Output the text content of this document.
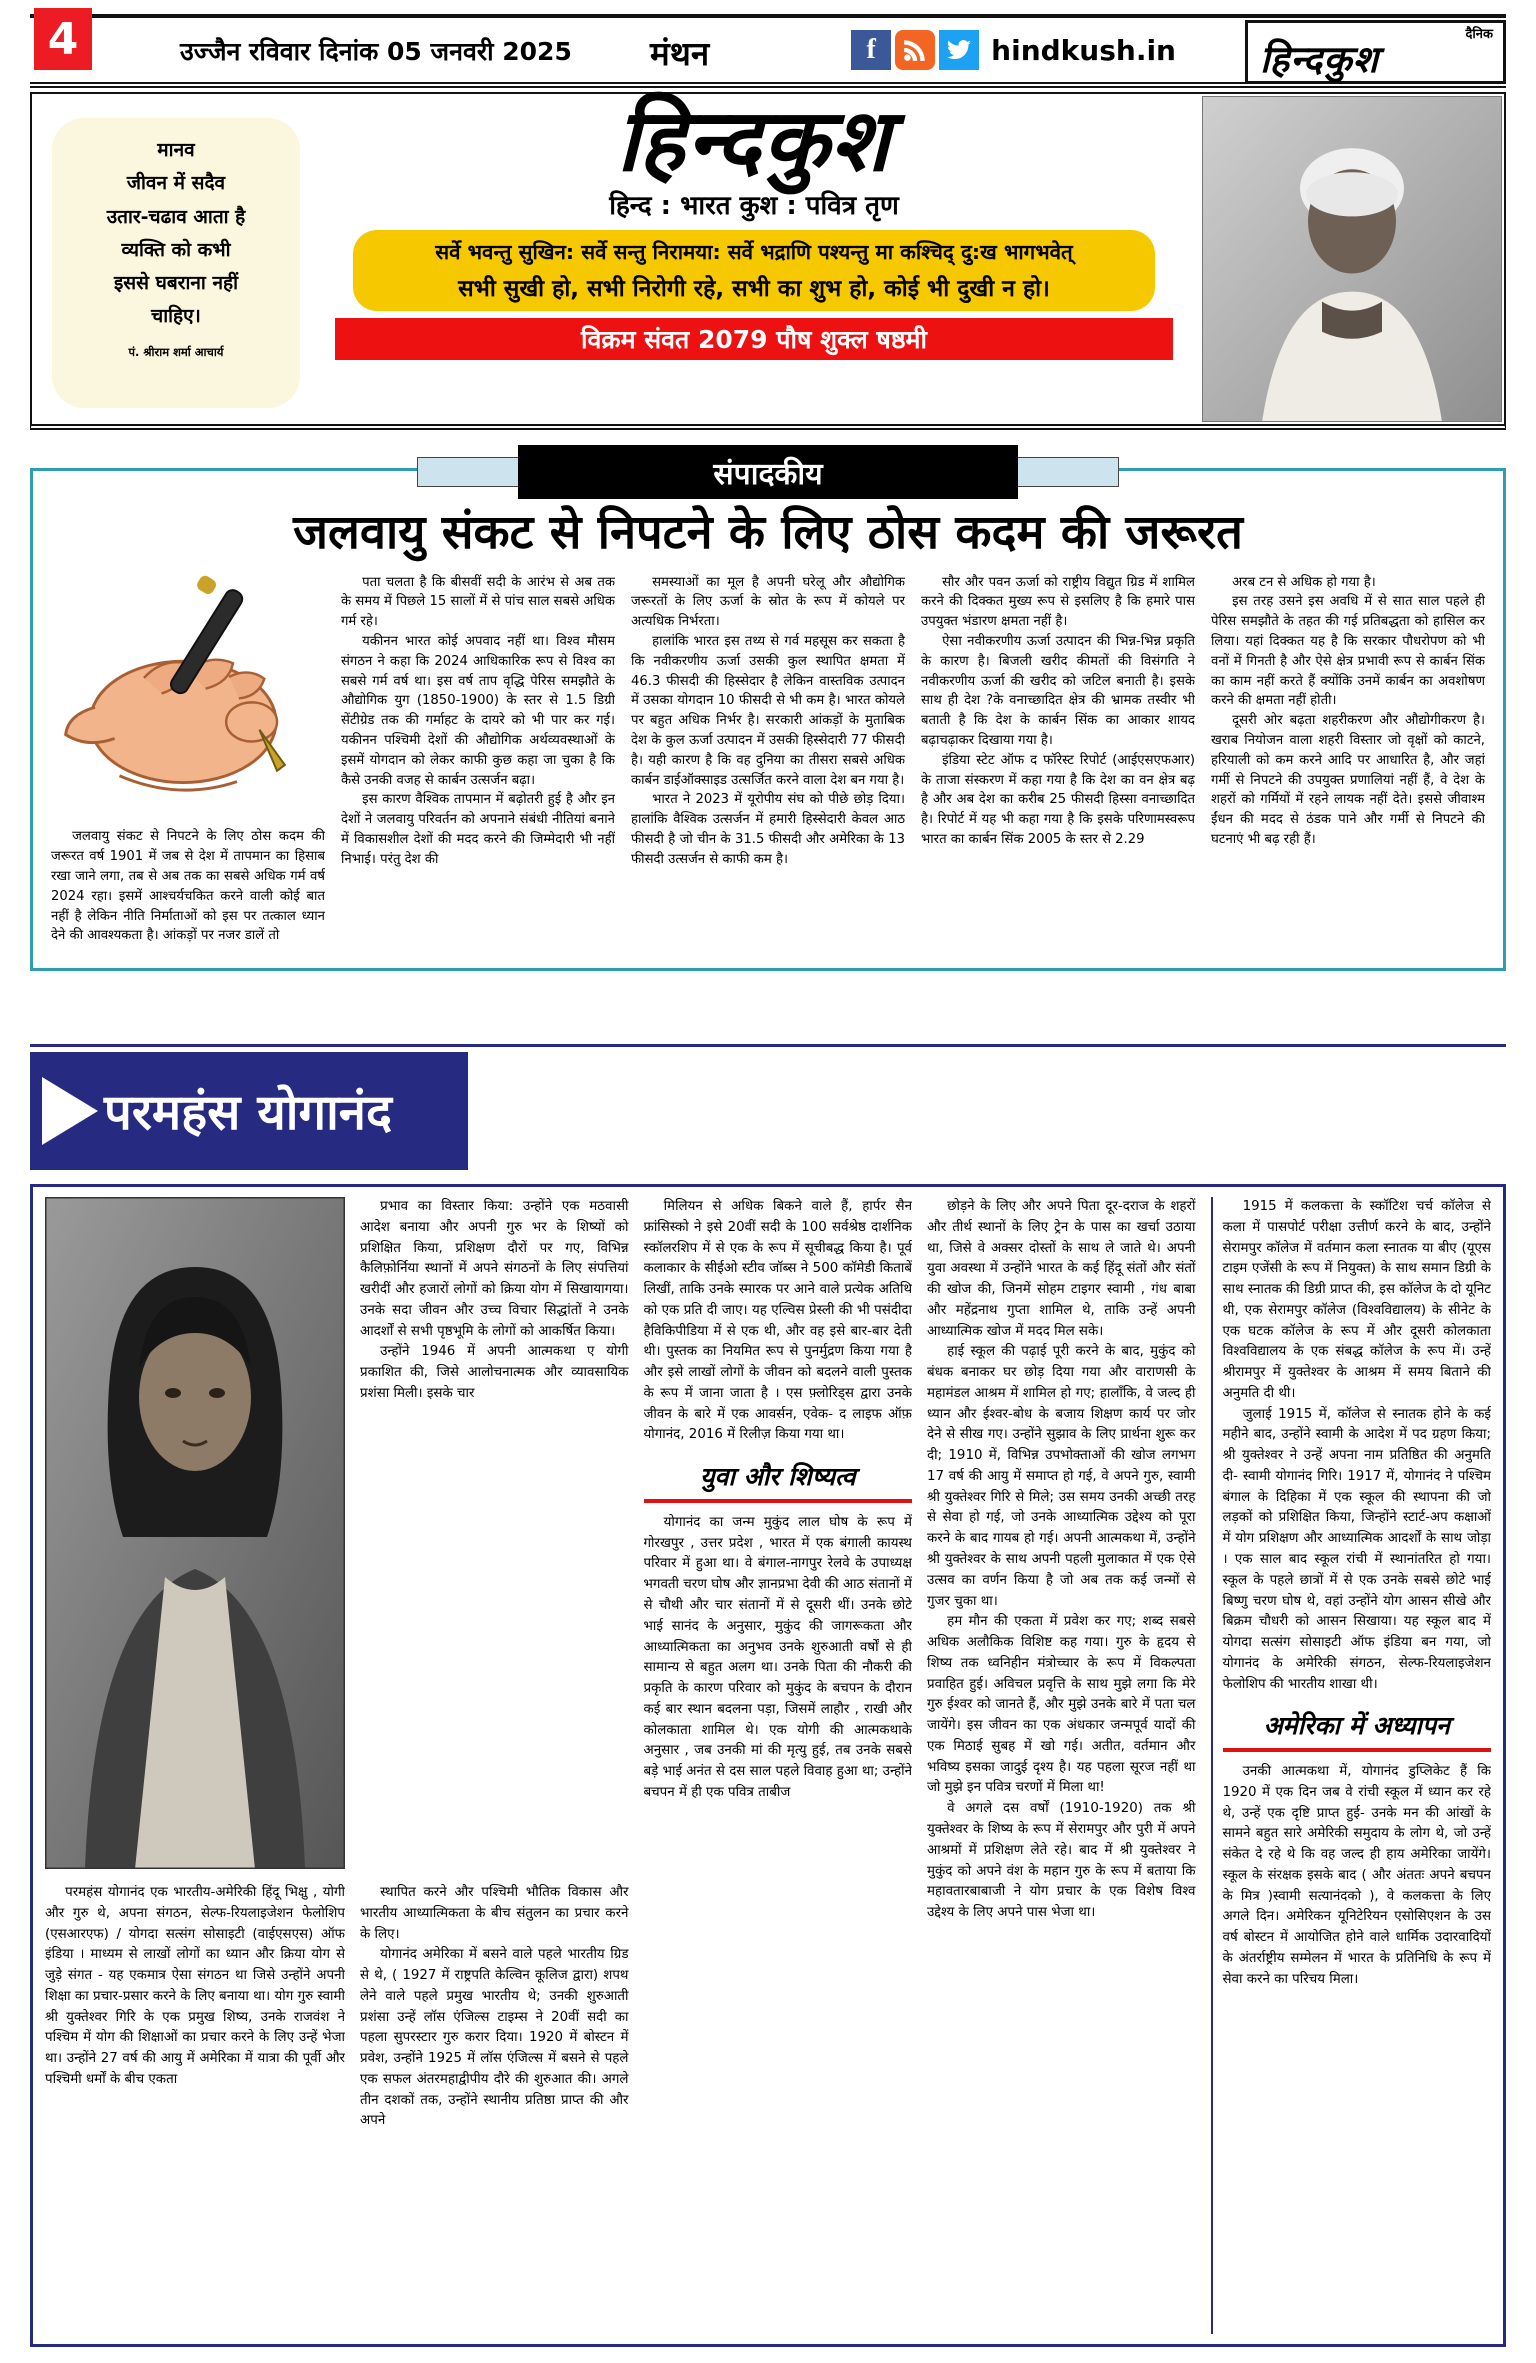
4	उज्जैन रविवार दिनांक 05 जनवरी 2025 मंथन	f	hindkush.in	दैनिक
हिन्दकुश
मानव
जीवन में सदैव
उतार-चढाव आता है
व्यक्ति को कभी
इससे घबराना नहीं
चाहिए।
पं. श्रीराम शर्मा आचार्य
हिन्दकुश
हिन्द : भारत कुश : पवित्र तृण
सर्वे भवन्तु सुखिन: सर्वे सन्तु निरामया: सर्वे भद्राणि पश्यन्तु मा कश्चिद् दु:ख भागभवेत्
सभी सुखी हो, सभी निरोगी रहे, सभी का शुभ हो, कोई भी दुखी न हो।
विक्रम संवत 2079 पौष शुक्ल षष्ठमी
संपादकीय
जलवायु संकट से निपटने के लिए ठोस कदम की जरूरत

जलवायु संकट से निपटने के लिए ठोस कदम की जरूरत वर्ष 1901 में जब से देश में तापमान का हिसाब रखा जाने लगा, तब से अब तक का सबसे अधिक गर्म वर्ष 2024 रहा। इसमें आश्चर्यचकित करने वाली कोई बात नहीं है लेकिन नीति निर्माताओं को इस पर तत्काल ध्यान देने की आवश्यकता है। आंकड़ों पर नजर डालें तो

पता चलता है कि बीसवीं सदी के आरंभ से अब तक के समय में पिछले 15 सालों में से पांच साल सबसे अधिक गर्म रहे।

यकीनन भारत कोई अपवाद नहीं था। विश्व मौसम संगठन ने कहा कि 2024 आधिकारिक रूप से विश्व का सबसे गर्म वर्ष था। इस वर्ष ताप वृद्धि पेरिस समझौते के औद्योगिक युग (1850-1900) के स्तर से 1.5 डिग्री सेंटीग्रेड तक की गर्माहट के दायरे को भी पार कर गई। यकीनन पश्चिमी देशों की औद्योगिक अर्थव्यवस्थाओं के इसमें योगदान को लेकर काफी कुछ कहा जा चुका है कि कैसे उनकी वजह से कार्बन उत्सर्जन बढ़ा।

इस कारण वैश्विक तापमान में बढ़ोतरी हुई है और इन देशों ने जलवायु परिवर्तन को अपनाने संबंधी नीतियां बनाने में विकासशील देशों की मदद करने की जिम्मेदारी भी नहीं निभाई। परंतु देश की

समस्याओं का मूल है अपनी घरेलू और औद्योगिक जरूरतों के लिए ऊर्जा के स्रोत के रूप में कोयले पर अत्यधिक निर्भरता।

हालांकि भारत इस तथ्य से गर्व महसूस कर सकता है कि नवीकरणीय ऊर्जा उसकी कुल स्थापित क्षमता में 46.3 फीसदी की हिस्सेदार है लेकिन वास्तविक उत्पादन में उसका योगदान 10 फीसदी से भी कम है। भारत कोयले पर बहुत अधिक निर्भर है। सरकारी आंकड़ों के मुताबिक देश के कुल ऊर्जा उत्पादन में उसकी हिस्सेदारी 77 फीसदी है। यही कारण है कि वह दुनिया का तीसरा सबसे अधिक कार्बन डाईऑक्साइड उत्सर्जित करने वाला देश बन गया है।

भारत ने 2023 में यूरोपीय संघ को पीछे छोड़ दिया। हालांकि वैश्विक उत्सर्जन में हमारी हिस्सेदारी केवल आठ फीसदी है जो चीन के 31.5 फीसदी और अमेरिका के 13 फीसदी उत्सर्जन से काफी कम है।

सौर और पवन ऊर्जा को राष्ट्रीय विद्युत ग्रिड में शामिल करने की दिक्कत मुख्य रूप से इसलिए है कि हमारे पास उपयुक्त भंडारण क्षमता नहीं है।

ऐसा नवीकरणीय ऊर्जा उत्पादन की भिन्न-भिन्न प्रकृति के कारण है। बिजली खरीद कीमतों की विसंगति ने नवीकरणीय ऊर्जा की खरीद को जटिल बनाती है। इसके साथ ही देश ?के वनाच्छादित क्षेत्र की भ्रामक तस्वीर भी बताती है कि देश के कार्बन सिंक का आकार शायद बढ़ाचढ़ाकर दिखाया गया है।

इंडिया स्टेट ऑफ द फॉरेस्ट रिपोर्ट (आईएसएफआर) के ताजा संस्करण में कहा गया है कि देश का वन क्षेत्र बढ़ है और अब देश का करीब 25 फीसदी हिस्सा वनाच्छादित है। रिपोर्ट में यह भी कहा गया है कि इसके परिणामस्वरूप भारत का कार्बन सिंक 2005 के स्तर से 2.29

अरब टन से अधिक हो गया है।

इस तरह उसने इस अवधि में से सात साल पहले ही पेरिस समझौते के तहत की गई प्रतिबद्धता को हासिल कर लिया। यहां दिक्कत यह है कि सरकार पौधरोपण को भी वनों में गिनती है और ऐसे क्षेत्र प्रभावी रूप से कार्बन सिंक का काम नहीं करते हैं क्योंकि उनमें कार्बन का अवशोषण करने की क्षमता नहीं होती।

दूसरी ओर बढ़ता शहरीकरण और औद्योगीकरण है। खराब नियोजन वाला शहरी विस्तार जो वृक्षों को काटने, हरियाली को कम करने आदि पर आधारित है, और जहां गर्मी से निपटने की उपयुक्त प्रणालियां नहीं हैं, वे देश के शहरों को गर्मियों में रहने लायक नहीं देते। इससे जीवाश्म ईंधन की मदद से ठंडक पाने और गर्मी से निपटने की घटनाएं भी बढ़ रही हैं।

परमहंस योगानंद

परमहंस योगानंद एक भारतीय-अमेरिकी हिंदू भिक्षु , योगी और गुरु थे, अपना संगठन, सेल्फ-रियलाइजेशन फेलोशिप (एसआरएफ) / योगदा सत्संग सोसाइटी (वाईएसएस) ऑफ इंडिया । माध्यम से लाखों लोगों का ध्यान और क्रिया योग से जुड़े संगत - यह एकमात्र ऐसा संगठन था जिसे उन्होंने अपनी शिक्षा का प्रचार-प्रसार करने के लिए बनाया था। योग गुरु स्वामी श्री युक्तेश्वर गिरि के एक प्रमुख शिष्य, उनके राजवंश ने पश्चिम में योग की शिक्षाओं का प्रचार करने के लिए उन्हें भेजा था। उन्होंने 27 वर्ष की आयु में अमेरिका में यात्रा की पूर्वी और पश्चिमी धर्मों के बीच एकता

प्रभाव का विस्तार किया: उन्होंने एक मठवासी आदेश बनाया और अपनी गुरु भर के शिष्यों को प्रशिक्षित किया, प्रशिक्षण दौरों पर गए, विभिन्न कैलिफ़ोर्निया स्थानों में अपने संगठनों के लिए संपत्तियां खरीदीं और हजारों लोगों को क्रिया योग में सिखायागया। उनके सदा जीवन और उच्च विचार सिद्धांतों ने उनके आदर्शों से सभी पृष्ठभूमि के लोगों को आकर्षित किया।

उन्होंने 1946 में अपनी आत्मकथा ए योगी प्रकाशित की, जिसे आलोचनात्मक और व्यावसायिक प्रशंसा मिली। इसके चार

स्थापित करने और पश्चिमी भौतिक विकास और भारतीय आध्यात्मिकता के बीच संतुलन का प्रचार करने के लिए।

योगानंद अमेरिका में बसने वाले पहले भारतीय ग्रिड से थे, ( 1927 में राष्ट्रपति केल्विन कूलिज द्वारा) शपथ लेने वाले पहले प्रमुख भारतीय थे; उनकी शुरुआती प्रशंसा उन्हें लॉस एंजिल्स टाइम्स ने 20वीं सदी का पहला सुपरस्टार गुरु करार दिया। 1920 में बोस्टन में प्रवेश, उन्होंने 1925 में लॉस एंजिल्स में बसने से पहले एक सफल अंतरमहाद्वीपीय दौरे की शुरुआत की। अगले तीन दशकों तक, उन्होंने स्थानीय प्रतिष्ठा प्राप्त की और अपने

मिलियन से अधिक बिकने वाले हैं, हार्पर सैन फ्रांसिस्को ने इसे 20वीं सदी के 100 सर्वश्रेष्ठ दार्शनिक स्कॉलरशिप में से एक के रूप में सूचीबद्ध किया है। पूर्व कलाकार के सीईओ स्टीव जॉब्स ने 500 कॉमेडी किताबें लिखीं, ताकि उनके स्मारक पर आने वाले प्रत्येक अतिथि को एक प्रति दी जाए। यह एल्विस प्रेस्ली की भी पसंदीदा हैविकिपीडिया में से एक थी, और वह इसे बार-बार देती थी। पुस्तक का नियमित रूप से पुनर्मुद्रण किया गया है और इसे लाखों लोगों के जीवन को बदलने वाली पुस्तक के रूप में जाना जाता है । एस फ़्लोरिड्स द्वारा उनके जीवन के बारे में एक आवर्सन, एवेक- द लाइफ ऑफ़ योगानंद, 2016 में रिलीज़ किया गया था।

युवा और शिष्यत्व

योगानंद का जन्म मुकुंद लाल घोष के रूप में गोरखपुर , उत्तर प्रदेश , भारत में एक बंगाली कायस्थ परिवार में हुआ था। वे बंगाल-नागपुर रेलवे के उपाध्यक्ष भगवती चरण घोष और ज्ञानप्रभा देवी की आठ संतानों में से चौथी और चार संतानों में से दूसरी थीं। उनके छोटे भाई सानंद के अनुसार, मुकुंद की जागरूकता और आध्यात्मिकता का अनुभव उनके शुरुआती वर्षों से ही सामान्य से बहुत अलग था। उनके पिता की नौकरी की प्रकृति के कारण परिवार को मुकुंद के बचपन के दौरान कई बार स्थान बदलना पड़ा, जिसमें लाहौर , राखी और कोलकाता शामिल थे। एक योगी की आत्मकथाके अनुसार , जब उनकी मां की मृत्यु हुई, तब उनके सबसे बड़े भाई अनंत से दस साल पहले विवाह हुआ था; उन्होंने बचपन में ही एक पवित्र ताबीज

छोड़ने के लिए और अपने पिता दूर-दराज के शहरों और तीर्थ स्थानों के लिए ट्रेन के पास का खर्चा उठाया था, जिसे वे अक्सर दोस्तों के साथ ले जाते थे। अपनी युवा अवस्था में उन्होंने भारत के कई हिंदू संतों और संतों की खोज की, जिनमें सोहम टाइगर स्वामी , गंध बाबा और महेंद्रनाथ गुप्ता शामिल थे, ताकि उन्हें अपनी आध्यात्मिक खोज में मदद मिल सके।

हाई स्कूल की पढ़ाई पूरी करने के बाद, मुकुंद को बंधक बनाकर घर छोड़ दिया गया और वाराणसी के महामंडल आश्रम में शामिल हो गए; हालाँकि, वे जल्द ही ध्यान और ईश्वर-बोध के बजाय शिक्षण कार्य पर जोर देने से सीख गए। उन्होंने सुझाव के लिए प्रार्थना शुरू कर दी; 1910 में, विभिन्न उपभोक्ताओं की खोज लगभग 17 वर्ष की आयु में समाप्त हो गई, वे अपने गुरु, स्वामी श्री युक्तेश्वर गिरि से मिले; उस समय उनकी अच्छी तरह से सेवा हो गई, जो उनके आध्यात्मिक उद्देश्य को पूरा करने के बाद गायब हो गई। अपनी आत्मकथा में, उन्होंने श्री युक्तेश्वर के साथ अपनी पहली मुलाकात में एक ऐसे उत्सव का वर्णन किया है जो अब तक कई जन्मों से गुजर चुका था।

हम मौन की एकता में प्रवेश कर गए; शब्द सबसे अधिक अलौकिक विशिष्ट कह गया। गुरु के हृदय से शिष्य तक ध्वनिहीन मंत्रोच्चार के रूप में विकल्पता प्रवाहित हुई। अविचल प्रवृत्ति के साथ मुझे लगा कि मेरे गुरु ईश्वर को जानते हैं, और मुझे उनके बारे में पता चल जायेंगे। इस जीवन का एक अंधकार जन्मपूर्व यादों की एक मिठाई सुबह में खो गई। अतीत, वर्तमान और भविष्य इसका जादुई दृश्य है। यह पहला सूरज नहीं था जो मुझे इन पवित्र चरणों में मिला था!

वे अगले दस वर्षों (1910-1920) तक श्री युक्तेश्वर के शिष्य के रूप में सेरामपुर और पुरी में अपने आश्रमों में प्रशिक्षण लेते रहे। बाद में श्री युक्तेश्वर ने मुकुंद को अपने वंश के महान गुरु के रूप में बताया कि महावतारबाबाजी ने योग प्रचार के एक विशेष विश्व उद्देश्य के लिए अपने पास भेजा था।

1915 में कलकत्ता के स्कॉटिश चर्च कॉलेज से कला में पासपोर्ट परीक्षा उत्तीर्ण करने के बाद, उन्होंने सेरामपुर कॉलेज में वर्तमान कला स्नातक या बीए (यूएस टाइम एजेंसी के रूप में नियुक्त) के साथ समान डिग्री के साथ स्नातक की डिग्री प्राप्त की, इस कॉलेज के दो यूनिट थी, एक सेरामपुर कॉलेज (विश्वविद्यालय) के सीनेट के एक घटक कॉलेज के रूप में और दूसरी कोलकाता विश्वविद्यालय के एक संबद्ध कॉलेज के रूप में। उन्हें श्रीरामपुर में युक्तेश्वर के आश्रम में समय बिताने की अनुमति दी थी।

जुलाई 1915 में, कॉलेज से स्नातक होने के कई महीने बाद, उन्होंने स्वामी के आदेश में पद ग्रहण किया; श्री युक्तेश्वर ने उन्हें अपना नाम प्रतिष्ठित की अनुमति दी- स्वामी योगानंद गिरि। 1917 में, योगानंद ने पश्चिम बंगाल के दिहिका में एक स्कूल की स्थापना की जो लड़कों को प्रशिक्षित किया, जिन्होंने स्टार्ट-अप कक्षाओं में योग प्रशिक्षण और आध्यात्मिक आदर्शों के साथ जोड़ा । एक साल बाद स्कूल रांची में स्थानांतरित हो गया। स्कूल के पहले छात्रों में से एक उनके सबसे छोटे भाई बिष्णु चरण घोष थे, वहां उन्होंने योग आसन सीखे और बिक्रम चौधरी को आसन सिखाया। यह स्कूल बाद में योगदा सत्संग सोसाइटी ऑफ इंडिया बन गया, जो योगानंद के अमेरिकी संगठन, सेल्फ-रियलाइजेशन फेलोशिप की भारतीय शाखा थी।

अमेरिका में अध्यापन

उनकी आत्मकथा में, योगानंद डुप्लिकेट हैं कि 1920 में एक दिन जब वे रांची स्कूल में ध्यान कर रहे थे, उन्हें एक दृष्टि प्राप्त हुई- उनके मन की आंखों के सामने बहुत सारे अमेरिकी समुदाय के लोग थे, जो उन्हें संकेत दे रहे थे कि वह जल्द ही हाय अमेरिका जायेंगे। स्कूल के संरक्षक इसके बाद ( और अंततः अपने बचपन के मित्र )स्वामी सत्यानंदको ), वे कलकत्ता के लिए अगले दिन। अमेरिकन यूनिटेरियन एसोसिएशन के उस वर्ष बोस्टन में आयोजित होने वाले धार्मिक उदारवादियों के अंतर्राष्ट्रीय सम्मेलन में भारत के प्रतिनिधि के रूप में सेवा करने का परिचय मिला।
